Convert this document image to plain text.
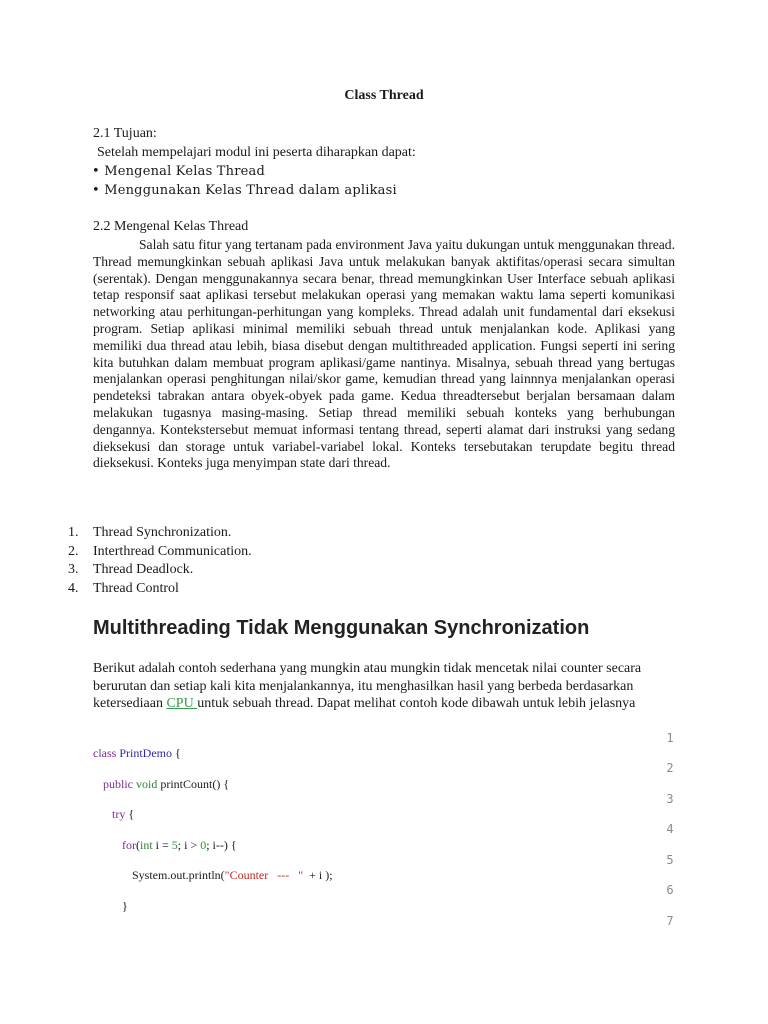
Class Thread
2.1 Tujuan:
Setelah mempelajari modul ini peserta diharapkan dapat:
• Mengenal Kelas Thread
• Menggunakan Kelas Thread dalam aplikasi
2.2 Mengenal Kelas Thread
Salah satu fitur yang tertanam pada environment Java yaitu dukungan untuk menggunakan thread. Thread memungkinkan sebuah aplikasi Java untuk melakukan banyak aktifitas/operasi secara simultan (serentak). Dengan menggunakannya secara benar, thread memungkinkan User Interface sebuah aplikasi tetap responsif saat aplikasi tersebut melakukan operasi yang memakan waktu lama seperti komunikasi networking atau perhitungan-perhitungan yang kompleks. Thread adalah unit fundamental dari eksekusi program. Setiap aplikasi minimal memiliki sebuah thread untuk menjalankan kode. Aplikasi yang memiliki dua thread atau lebih, biasa disebut dengan multithreaded application. Fungsi seperti ini sering kita butuhkan dalam membuat program aplikasi/game nantinya. Misalnya, sebuah thread yang bertugas menjalankan operasi penghitungan nilai/skor game, kemudian thread yang lainnnya menjalankan operasi pendeteksi tabrakan antara obyek-obyek pada game. Kedua threadtersebut berjalan bersamaan dalam melakukan tugasnya masing-masing. Setiap thread memiliki sebuah konteks yang berhubungan dengannya. Kontekstersebut memuat informasi tentang thread, seperti alamat dari instruksi yang sedang dieksekusi dan storage untuk variabel-variabel lokal. Konteks tersebutakan terupdate begitu thread dieksekusi. Konteks juga menyimpan state dari thread.
1. Thread Synchronization.
2. Interthread Communication.
3. Thread Deadlock.
4. Thread Control
Multithreading Tidak Menggunakan Synchronization
Berikut adalah contoh sederhana yang mungkin atau mungkin tidak mencetak nilai counter secara berurutan dan setiap kali kita menjalankannya, itu menghasilkan hasil yang berbeda berdasarkan ketersediaan CPU untuk sebuah thread. Dapat melihat contoh kode dibawah untuk lebih jelasnya
class PrintDemo {
public void printCount() {
try {
for(int i = 5; i > 0; i--) {
System.out.println("Counter   ---   "  + i );
}
1
2
3
4
5
6
7
